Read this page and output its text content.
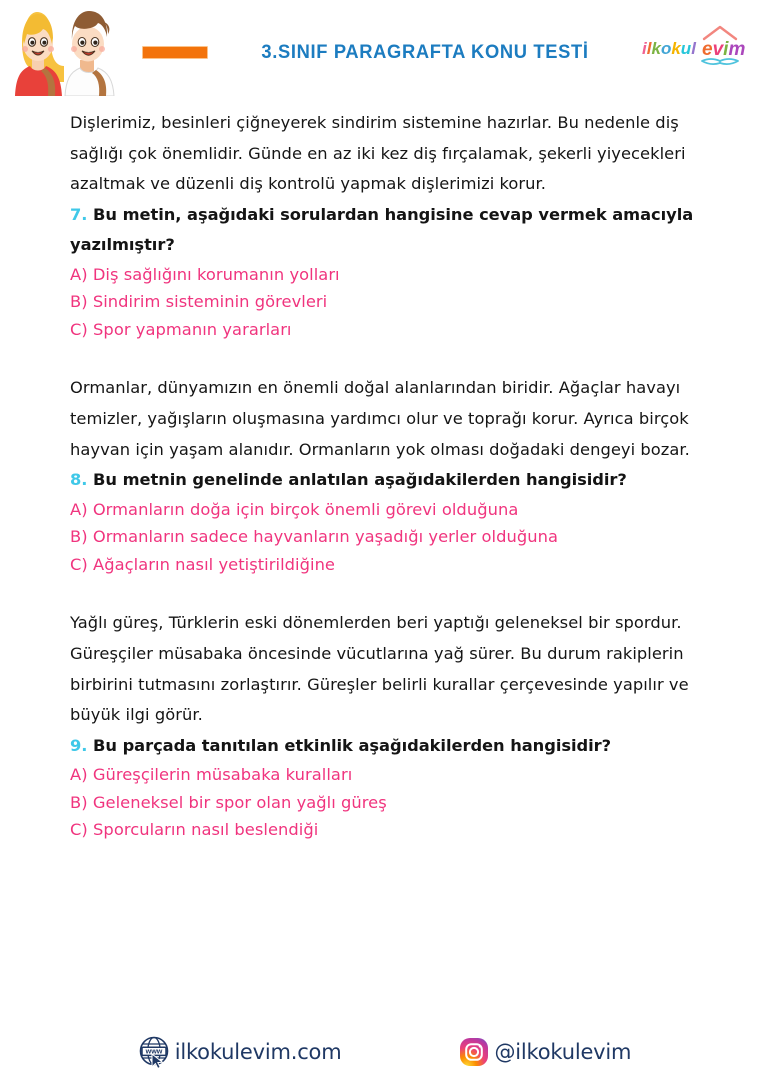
3.SINIF PARAGRAFTA KONU TESTİ	ilkokul evim

Dişlerimiz, besinleri çiğneyerek sindirim sistemine hazırlar. Bu nedenle diş sağlığı çok önemlidir. Günde en az iki kez diş fırçalamak, şekerli yiyecekleri azaltmak ve düzenli diş kontrolü yapmak dişlerimizi korur.

7. Bu metin, aşağıdaki sorulardan hangisine cevap vermek amacıyla yazılmıştır?

A) Diş sağlığını korumanın yolları
B) Sindirim sisteminin görevleri
C) Spor yapmanın yararları

Ormanlar, dünyamızın en önemli doğal alanlarından biridir. Ağaçlar havayı temizler, yağışların oluşmasına yardımcı olur ve toprağı korur. Ayrıca birçok hayvan için yaşam alanıdır. Ormanların yok olması doğadaki dengeyi bozar.

8. Bu metnin genelinde anlatılan aşağıdakilerden hangisidir?

A) Ormanların doğa için birçok önemli görevi olduğuna
B) Ormanların sadece hayvanların yaşadığı yerler olduğuna
C) Ağaçların nasıl yetiştirildiğine

Yağlı güreş, Türklerin eski dönemlerden beri yaptığı geleneksel bir spordur. Güreşçiler müsabaka öncesinde vücutlarına yağ sürer. Bu durum rakiplerin birbirini tutmasını zorlaştırır. Güreşler belirli kurallar çerçevesinde yapılır ve büyük ilgi görür.

9. Bu parçada tanıtılan etkinlik aşağıdakilerden hangisidir?

A) Güreşçilerin müsabaka kuralları
B) Geleneksel bir spor olan yağlı güreş
C) Sporcuların nasıl beslendiği
www ilkokulevim.com	@ilkokulevim
